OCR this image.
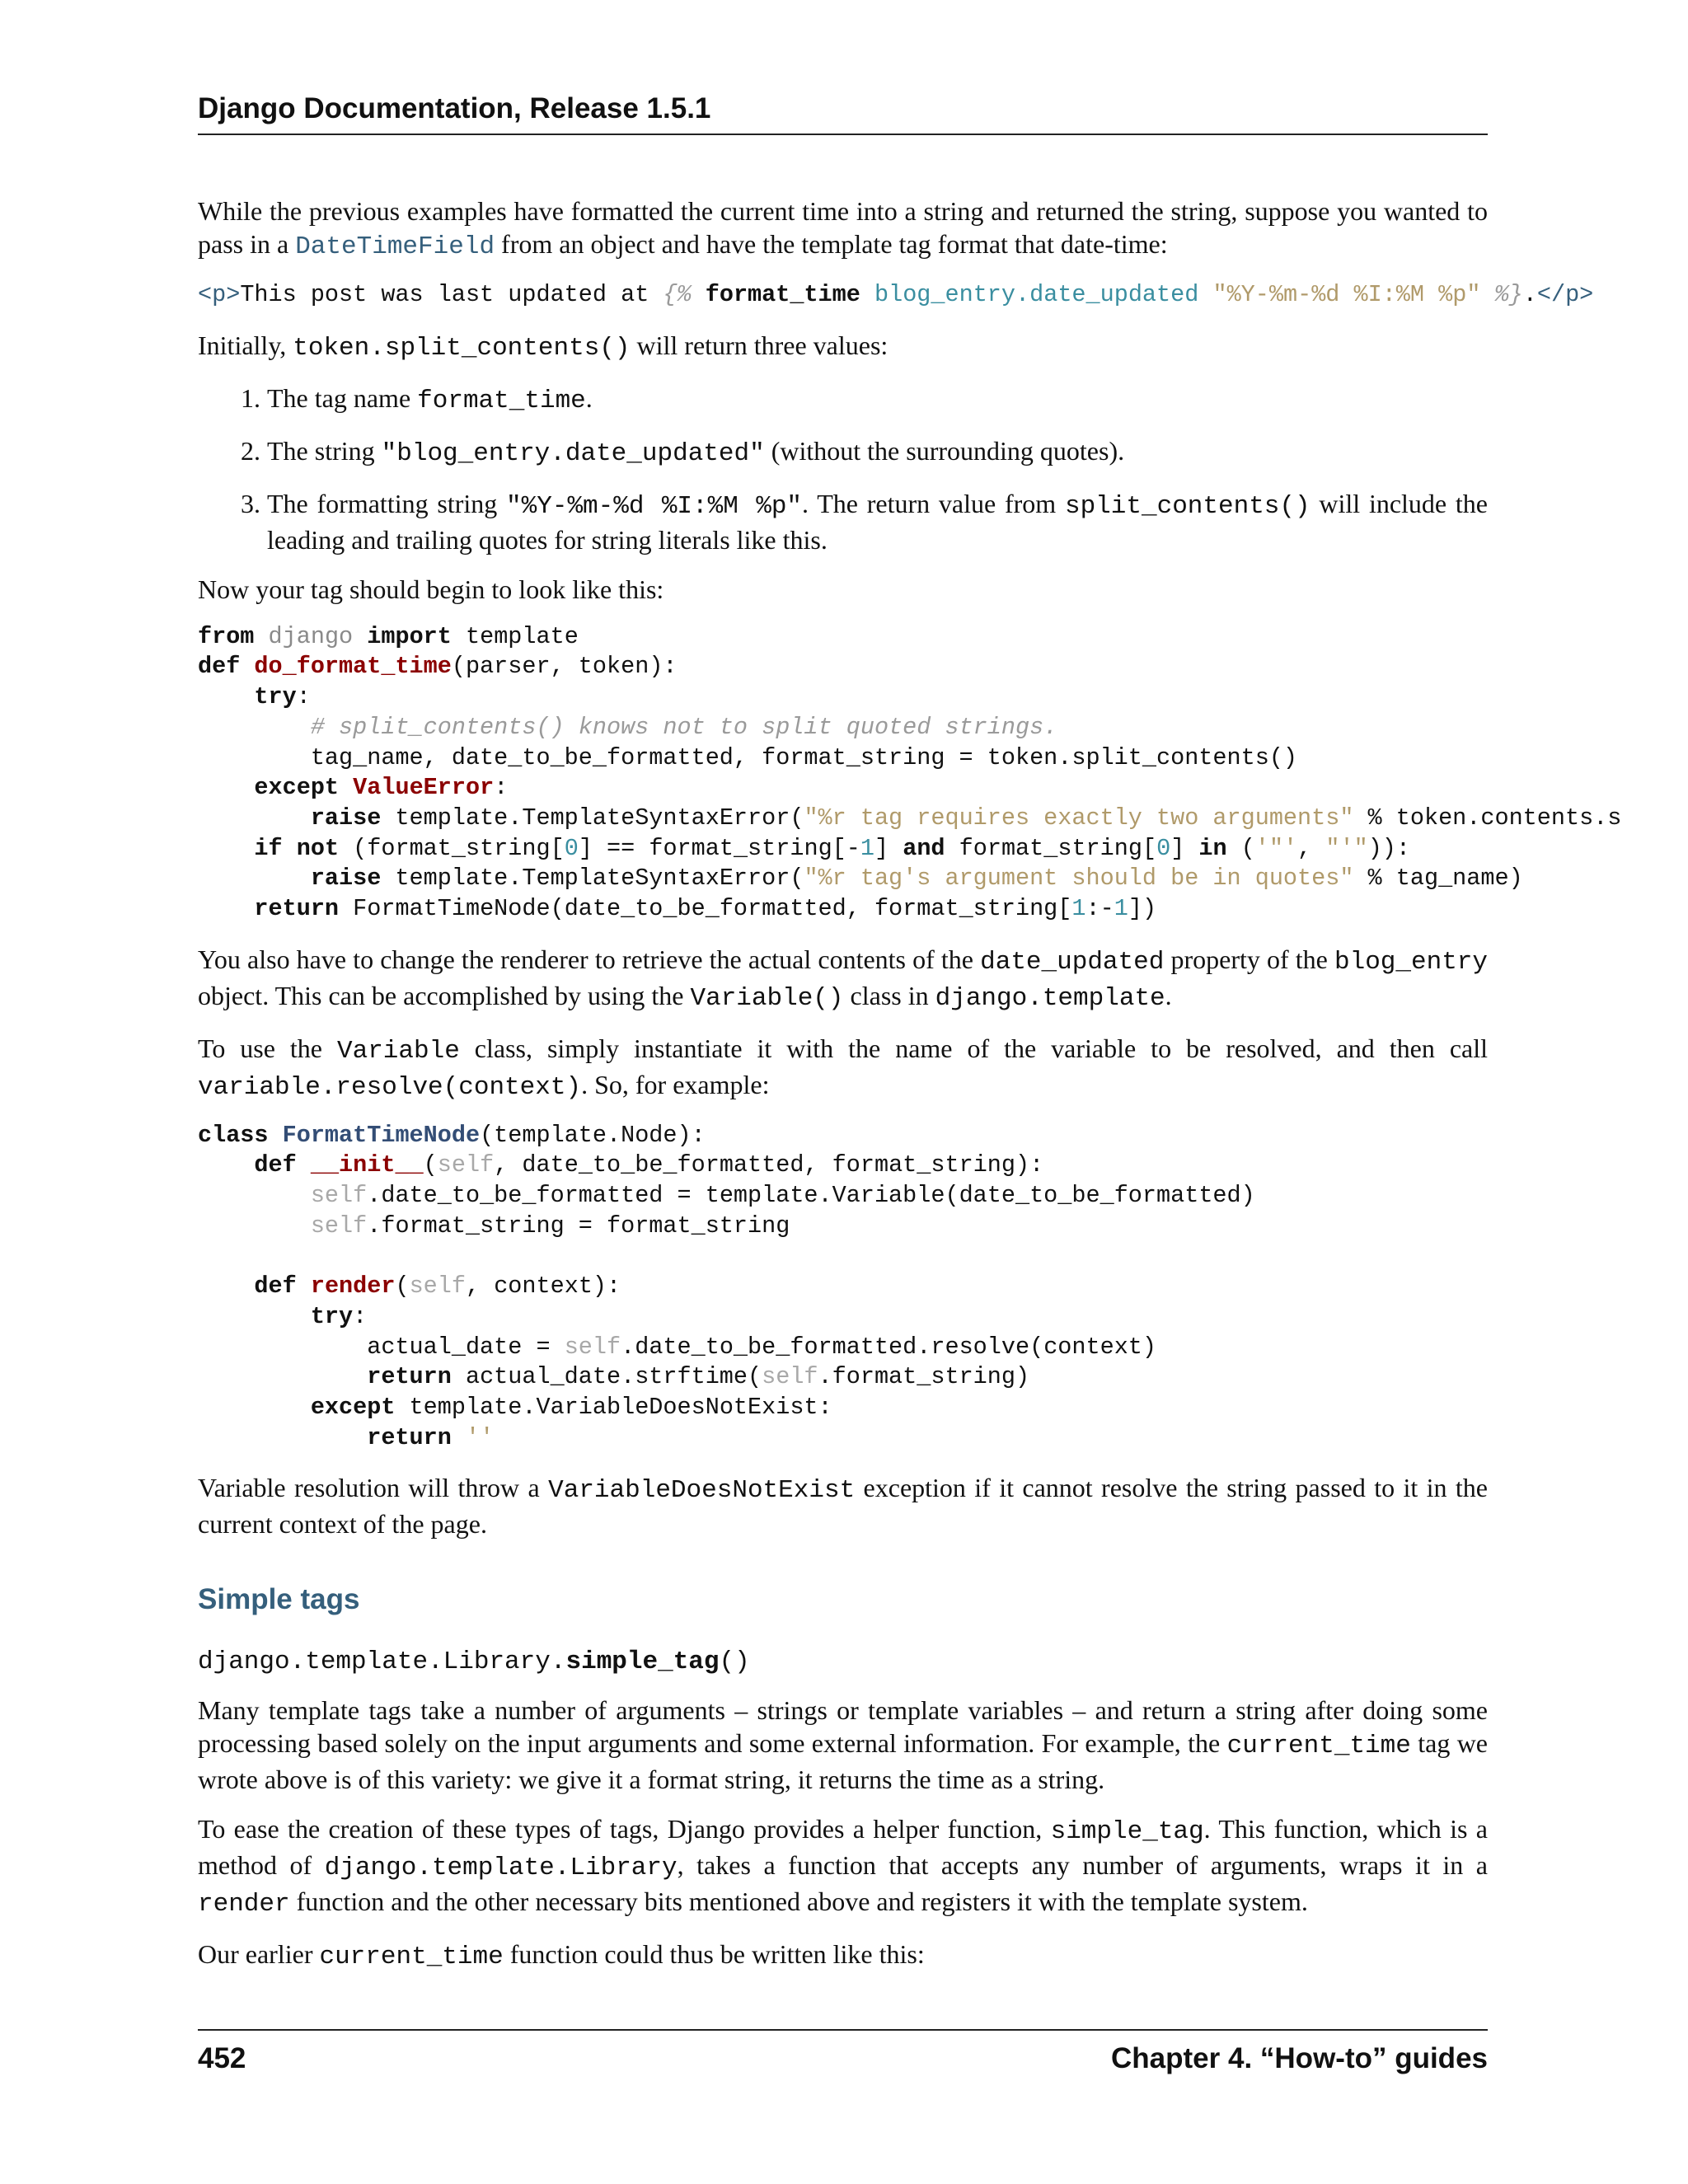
Django Documentation, Release 1.5.1

While the previous examples have formatted the current time into a string and returned the string, suppose you wanted to pass in a DateTimeField from an object and have the template tag format that date-time:

<p>This post was last updated at {% format_time blog_entry.date_updated "%Y-%m-%d %I:%M %p" %}.</p>

Initially, token.split_contents() will return three values:

1. The tag name format_time.
2. The string "blog_entry.date_updated" (without the surrounding quotes).
3. The formatting string "%Y-%m-%d %I:%M %p". The return value from split_contents() will include the leading and trailing quotes for string literals like this.

Now your tag should begin to look like this:

from django import template
def do_format_time(parser, token):
try:
# split_contents() knows not to split quoted strings.
tag_name, date_to_be_formatted, format_string = token.split_contents()
except ValueError:
raise template.TemplateSyntaxError("%r tag requires exactly two arguments" % token.contents.s
if not (format_string[0] == format_string[-1] and format_string[0] in ('"', "'")):
raise template.TemplateSyntaxError("%r tag's argument should be in quotes" % tag_name)
return FormatTimeNode(date_to_be_formatted, format_string[1:-1])

You also have to change the renderer to retrieve the actual contents of the date_updated property of the blog_entry object. This can be accomplished by using the Variable() class in django.template.

To use the Variable class, simply instantiate it with the name of the variable to be resolved, and then call variable.resolve(context). So, for example:

class FormatTimeNode(template.Node):
def __init__(self, date_to_be_formatted, format_string):
self.date_to_be_formatted = template.Variable(date_to_be_formatted)
self.format_string = format_string

def render(self, context):
try:
actual_date = self.date_to_be_formatted.resolve(context)
return actual_date.strftime(self.format_string)
except template.VariableDoesNotExist:
return ''

Variable resolution will throw a VariableDoesNotExist exception if it cannot resolve the string passed to it in the current context of the page.

Simple tags
django.template.Library.simple_tag()

Many template tags take a number of arguments – strings or template variables – and return a string after doing some processing based solely on the input arguments and some external information. For example, the current_time tag we wrote above is of this variety: we give it a format string, it returns the time as a string.

To ease the creation of these types of tags, Django provides a helper function, simple_tag. This function, which is a method of django.template.Library, takes a function that accepts any number of arguments, wraps it in a render function and the other necessary bits mentioned above and registers it with the template system.

Our earlier current_time function could thus be written like this:

452	Chapter 4. “How-to” guides
